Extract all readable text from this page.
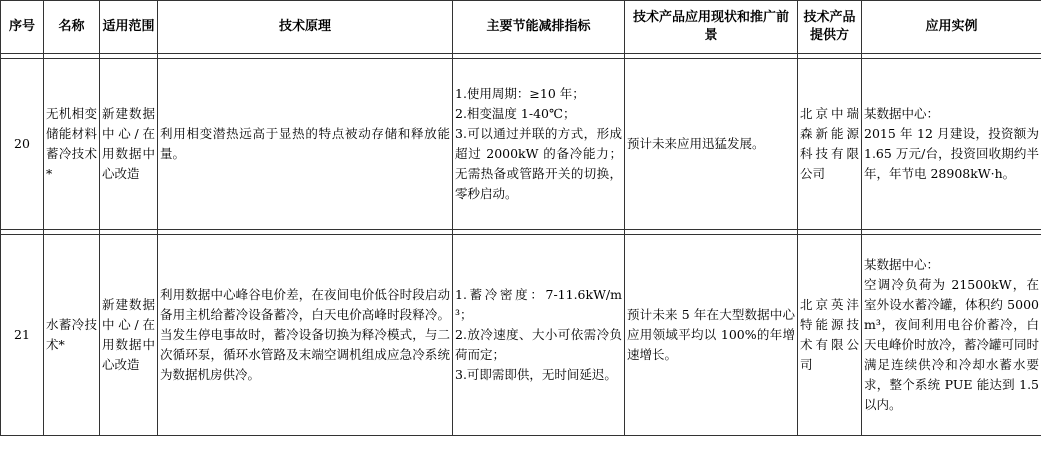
序号	名称	适用范围	技术原理	主要节能减排指标	技术产品应用现状和推广前景	技术产品提供方	应用实例

20	无机相变储能材料蓄冷技术*	新建数据中心/在用数据中心改造	利用相变潜热远高于显热的特点被动存储和释放能量。	1.使用周期：≥10 年；
2.相变温度 1-40℃；
3.可以通过并联的方式，形成超过 2000kW 的备冷能力；无需热备或管路开关的切换，零秒启动。	预计未来应用迅猛发展。	北京中瑞森新能源科技有限公司	某数据中心：
2015 年 12 月建设，投资额为 1.65 万元/台，投资回收期约半年，年节电 28908kW·h。

21	水蓄冷技术*	新建数据中心/在用数据中心改造	利用数据中心峰谷电价差，在夜间电价低谷时段启动备用主机给蓄冷设备蓄冷，白天电价高峰时段释冷。当发生停电事故时，蓄冷设备切换为释冷模式，与二次循环泵，循环水管路及末端空调机组成应急冷系统为数据机房供冷。	1.蓄冷密度：7-11.6kW/m³；
2.放冷速度、大小可依需冷负荷而定；
3.可即需即供，无时间延迟。	预计未来 5 年在大型数据中心应用领域平均以 100%的年增速增长。	北京英沣特能源技术有限公司	某数据中心：
空调冷负荷为 21500kW，在室外设水蓄冷罐，体积约 5000m³，夜间利用电谷价蓄冷，白天电峰价时放冷，蓄冷罐可同时满足连续供冷和冷却水蓄水要求，整个系统 PUE 能达到 1.5 以内。
